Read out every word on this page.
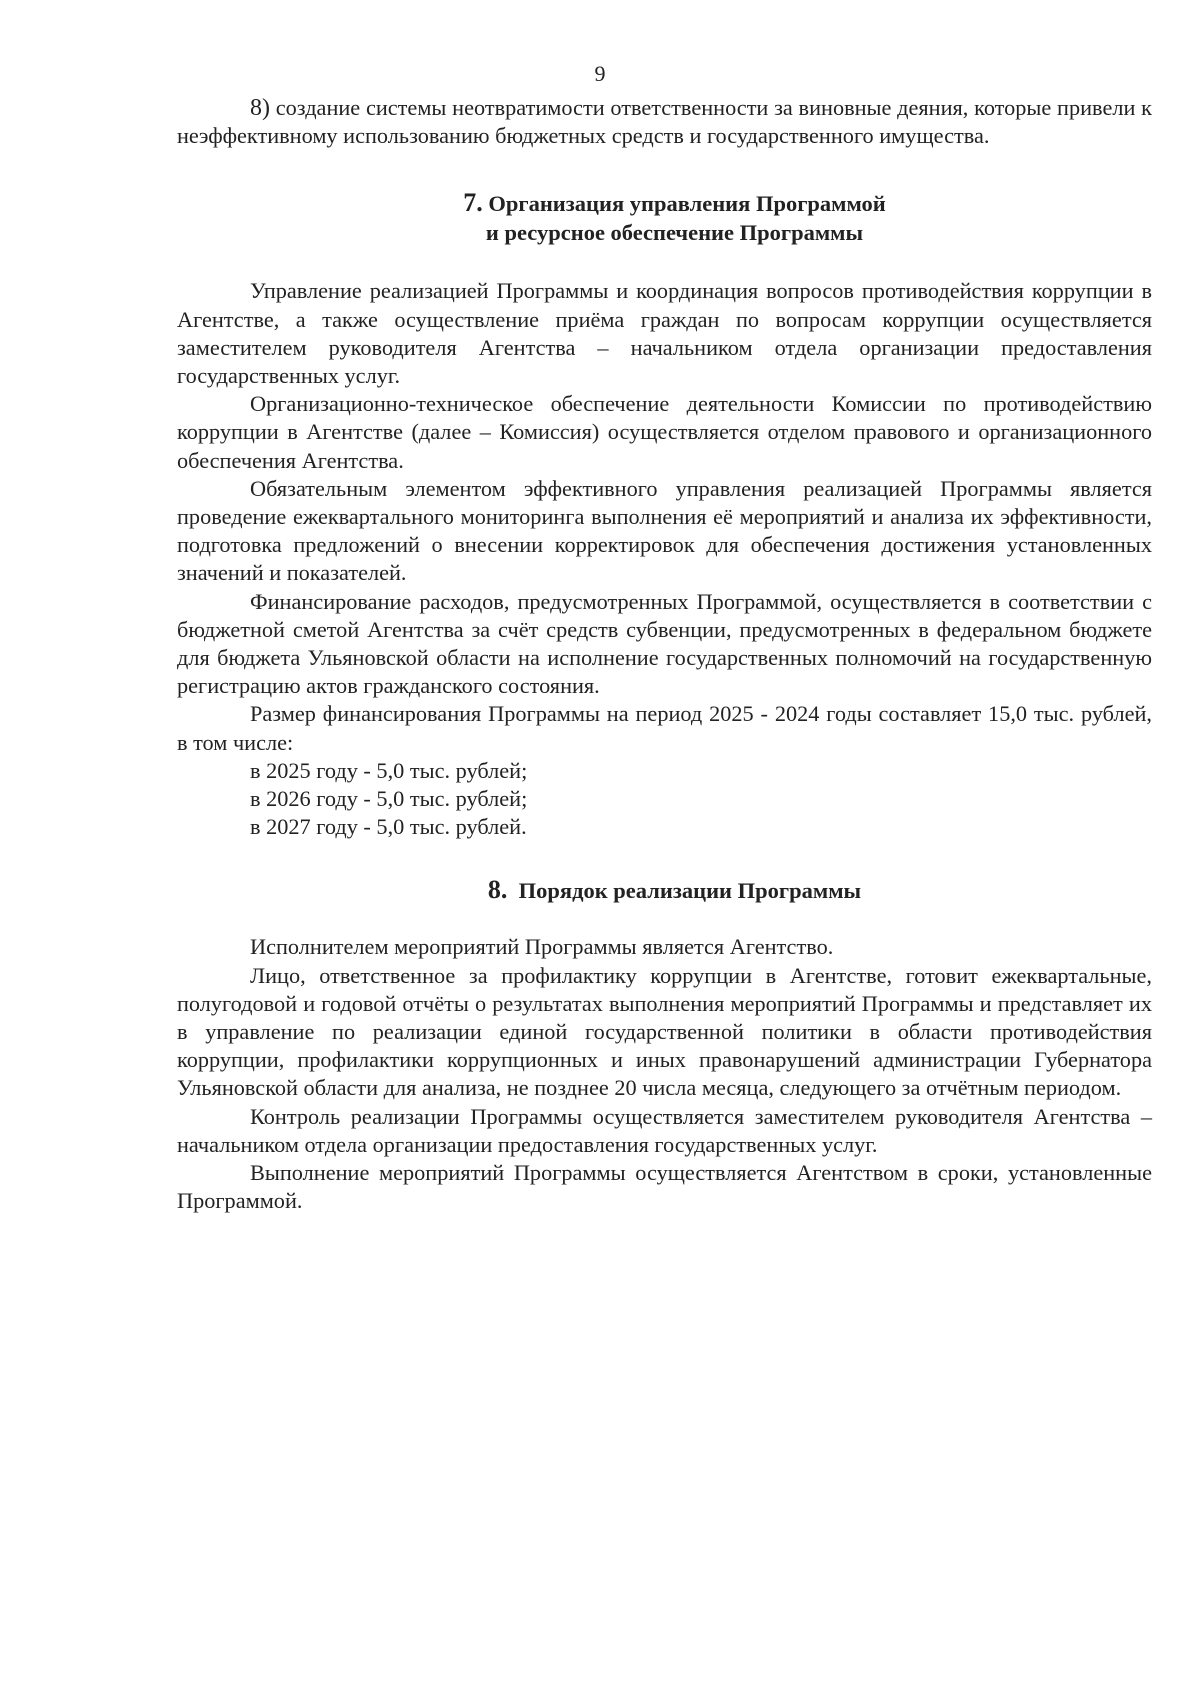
9

8) создание системы неотвратимости ответственности за виновные деяния, которые привели к неэффективному использованию бюджетных средств и государственного имущества.

7. Организация управления Программой

и ресурсное обеспечение Программы

Управление реализацией Программы и координация вопросов противодействия коррупции в Агентстве, а также осуществление приёма граждан по вопросам коррупции осуществляется заместителем руководителя Агентства – начальником отдела организации предоставления государственных услуг.

Организационно-техническое обеспечение деятельности Комиссии по противодействию коррупции в Агентстве (далее – Комиссия) осуществляется отделом правового и организационного обеспечения Агентства.

Обязательным элементом эффективного управления реализацией Программы является проведение ежеквартального мониторинга выполнения её мероприятий и анализа их эффективности, подготовка предложений о внесении корректировок для обеспечения достижения установленных значений и показателей.

Финансирование расходов, предусмотренных Программой, осуществляется в соответствии с бюджетной сметой Агентства за счёт средств субвенции, предусмотренных в федеральном бюджете для бюджета Ульяновской области на исполнение государственных полномочий на государственную регистрацию актов гражданского состояния.

Размер финансирования Программы на период 2025 - 2024 годы составляет 15,0 тыс. рублей, в том числе:

в 2025 году - 5,0 тыс. рублей;

в 2026 году - 5,0 тыс. рублей;

в 2027 году - 5,0 тыс. рублей.

8. Порядок реализации Программы

Исполнителем мероприятий Программы является Агентство.

Лицо, ответственное за профилактику коррупции в Агентстве, готовит ежеквартальные, полугодовой и годовой отчёты о результатах выполнения мероприятий Программы и представляет их в управление по реализации единой государственной политики в области противодействия коррупции, профилактики коррупционных и иных правонарушений администрации Губернатора Ульяновской области для анализа, не позднее 20 числа месяца, следующего за отчётным периодом.

Контроль реализации Программы осуществляется заместителем руководителя Агентства – начальником отдела организации предоставления государственных услуг.

Выполнение мероприятий Программы осуществляется Агентством в сроки, установленные Программой.
